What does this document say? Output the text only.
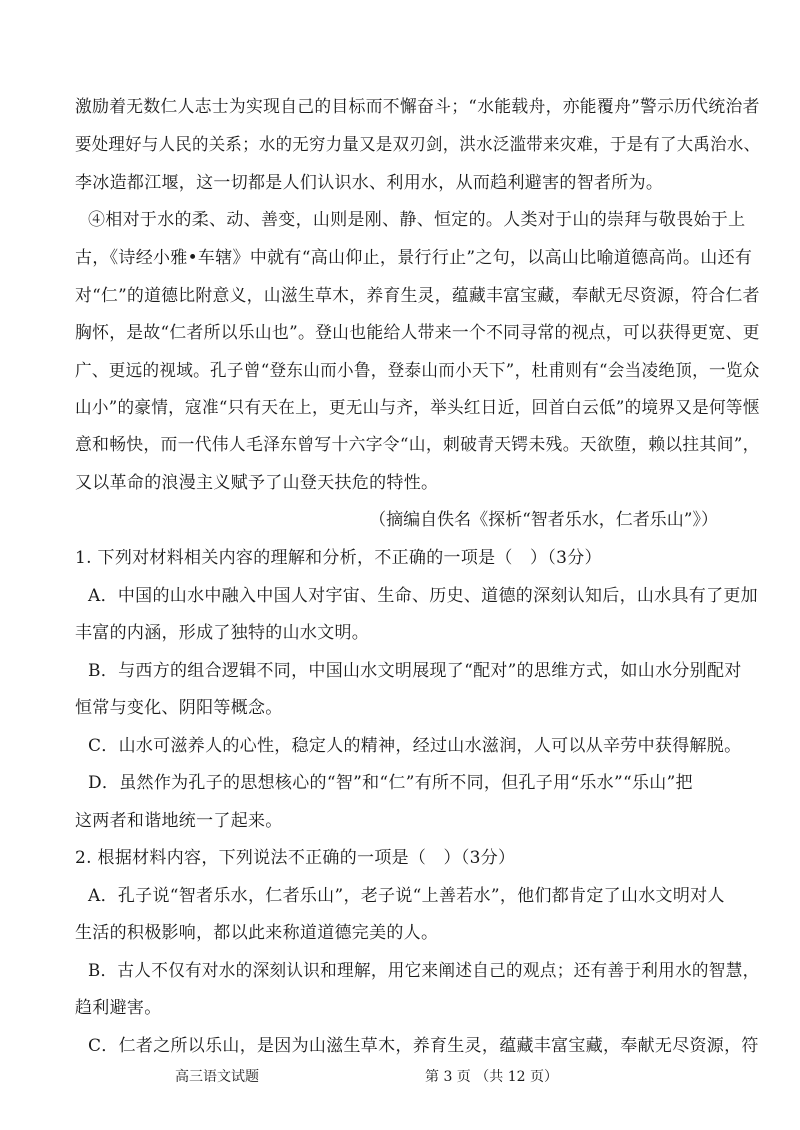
激励着无数仁人志士为实现自己的目标而不懈奋斗；“水能载舟，亦能覆舟”警示历代统治者
要处理好与人民的关系；水的无穷力量又是双刃剑，洪水泛滥带来灾难，于是有了大禹治水、
李冰造都江堰，这一切都是人们认识水、利用水，从而趋利避害的智者所为。
④相对于水的柔、动、善变，山则是刚、静、恒定的。人类对于山的崇拜与敬畏始于上
古，《诗经小雅•车辖》中就有“高山仰止，景行行止”之句，以高山比喻道德高尚。山还有
对“仁”的道德比附意义，山滋生草木，养育生灵，蕴藏丰富宝藏，奉献无尽资源，符合仁者
胸怀，是故“仁者所以乐山也”。登山也能给人带来一个不同寻常的视点，可以获得更宽、更
广、更远的视域。孔子曾“登东山而小鲁，登泰山而小天下”，杜甫则有“会当凌绝顶，一览众
山小”的豪情，寇准“只有天在上，更无山与齐，举头红日近，回首白云低”的境界又是何等惬
意和畅快，而一代伟人毛泽东曾写十六字令“山，刺破青天锷未残。天欲堕，赖以拄其间”，
又以革命的浪漫主义赋予了山登天扶危的特性。
（摘编自佚名《探析“智者乐水，仁者乐山”》）
1. 下列对材料相关内容的理解和分析，不正确的一项是（　）（3分）
A．中国的山水中融入中国人对宇宙、生命、历史、道德的深刻认知后，山水具有了更加
丰富的内涵，形成了独特的山水文明。
B．与西方的组合逻辑不同，中国山水文明展现了“配对”的思维方式，如山水分别配对
恒常与变化、阴阳等概念。
C．山水可滋养人的心性，稳定人的精神，经过山水滋润，人可以从辛劳中获得解脱。
D．虽然作为孔子的思想核心的“智”和“仁”有所不同，但孔子用“乐水”“乐山”把
这两者和谐地统一了起来。
2. 根据材料内容，下列说法不正确的一项是（　）（3分）
A．孔子说“智者乐水，仁者乐山”，老子说“上善若水”，他们都肯定了山水文明对人
生活的积极影响，都以此来称道道德完美的人。
B．古人不仅有对水的深刻认识和理解，用它来阐述自己的观点；还有善于利用水的智慧，
趋利避害。
C．仁者之所以乐山，是因为山滋生草木，养育生灵，蕴藏丰富宝藏，奉献无尽资源，符
高三语文试题	第 3 页 （共 12 页）
